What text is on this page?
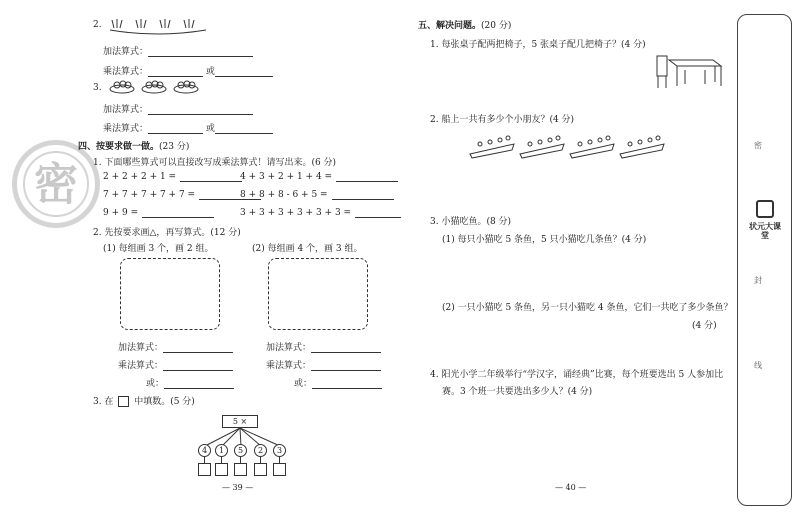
密
2.
加法算式：
乘法算式：	或
3.
加法算式：
乘法算式：	或
四、按要求做一做。(23 分)
1. 下面哪些算式可以直接改写成乘法算式！请写出来。(6 分)
2 + 2 + 2 + 1 =	4 + 3 + 2 + 1 + 4 =
7 + 7 + 7 + 7 + 7 =	8 + 8 + 8 - 6 + 5 =
9 + 9 =	3 + 3 + 3 + 3 + 3 + 3 =
2. 先按要求画△，再写算式。(12 分)
(1) 每组画 3 个，画 2 组。	(2) 每组画 4 个，画 3 组。
加法算式：
乘法算式：
或：
加法算式：
乘法算式：
或：
3. 在 中填数。(5 分)
5 ×
4	1	5	2	3
— 39 —
五、解决问题。(20 分)
1. 每张桌子配两把椅子，5 张桌子配几把椅子？(4 分)
2. 船上一共有多少个小朋友？(4 分)
3. 小猫吃鱼。(8 分)
(1) 每只小猫吃 5 条鱼，5 只小猫吃几条鱼？(4 分)
(2) 一只小猫吃 5 条鱼，另一只小猫吃 4 条鱼，它们一共吃了多少条鱼？
(4 分)
4. 阳光小学二年级举行“学汉字，诵经典”比赛，每个班要选出 5 人参加比
赛。3 个班一共要选出多少人？(4 分)
— 40 —
密
封
线
状元大课堂
